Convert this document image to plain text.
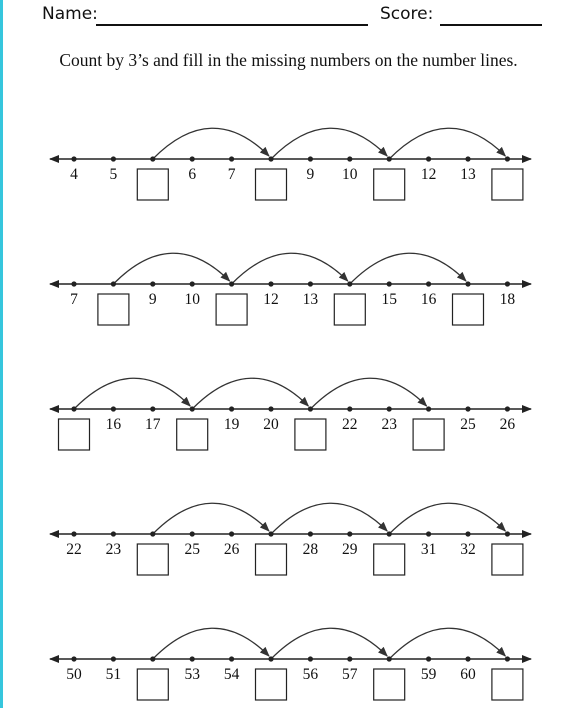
Name:	Score:
Count by 3’s and fill in the missing numbers on the number lines.
4 5	6 7	9 10	12 13
7	9 10	12 13	15 16	18
16 17	19 20	22 23	25 26
22 23	25 26	28 29	31 32
50 51	53 54	56 57	59 60
